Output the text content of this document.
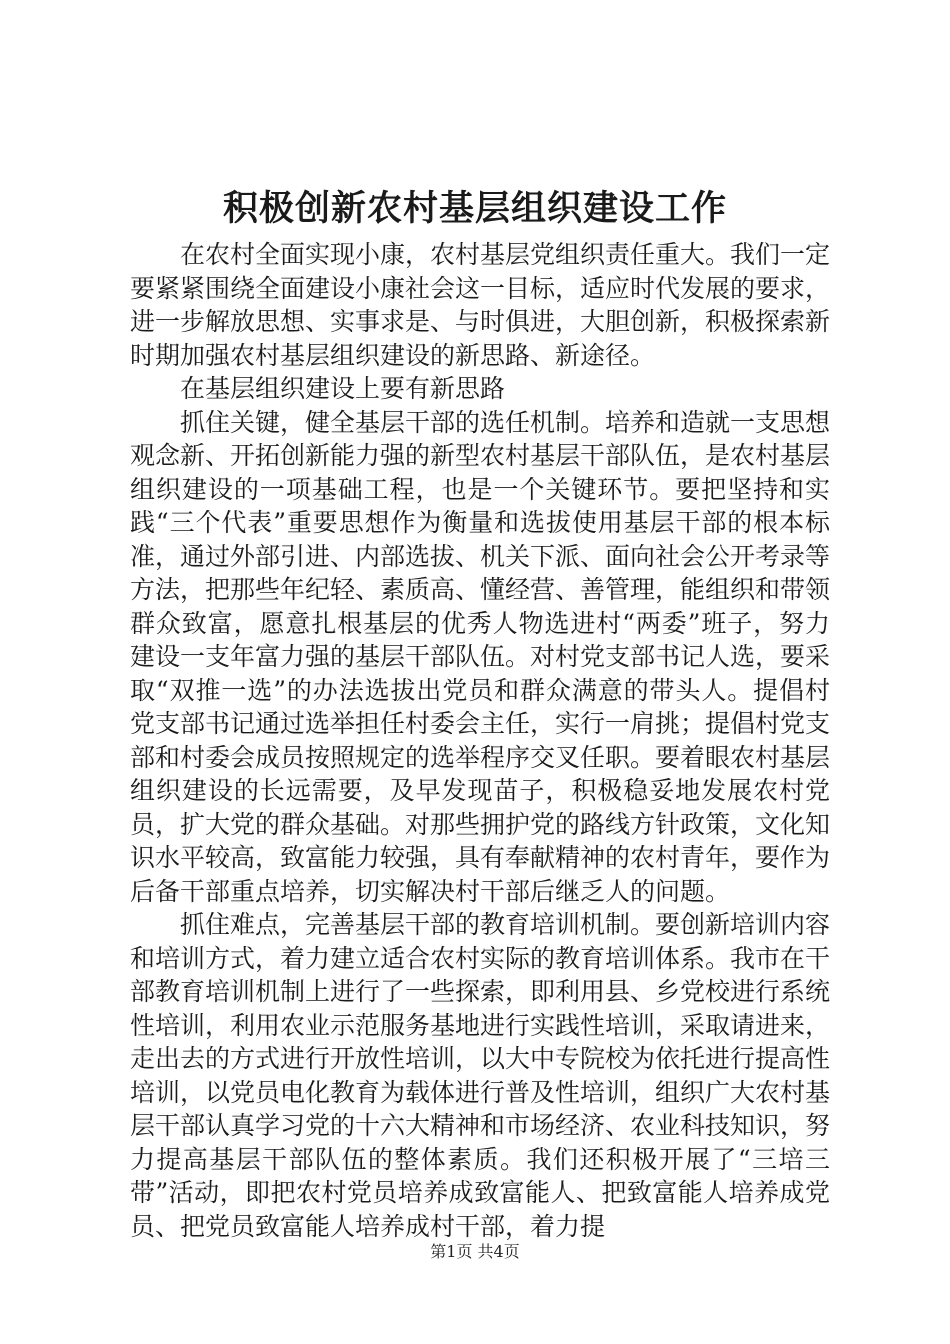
积极创新农村基层组织建设工作

在农村全面实现小康，农村基层党组织责任重大。我们一定要紧紧围绕全面建设小康社会这一目标，适应时代发展的要求，进一步解放思想、实事求是、与时俱进，大胆创新，积极探索新时期加强农村基层组织建设的新思路、新途径。

在基层组织建设上要有新思路

抓住关键，健全基层干部的选任机制。培养和造就一支思想观念新、开拓创新能力强的新型农村基层干部队伍，是农村基层组织建设的一项基础工程，也是一个关键环节。要把坚持和实践“三个代表”重要思想作为衡量和选拔使用基层干部的根本标准，通过外部引进、内部选拔、机关下派、面向社会公开考录等方法，把那些年纪轻、素质高、懂经营、善管理，能组织和带领群众致富，愿意扎根基层的优秀人物选进村“两委”班子，努力建设一支年富力强的基层干部队伍。对村党支部书记人选，要采取“双推一选”的办法选拔出党员和群众满意的带头人。提倡村党支部书记通过选举担任村委会主任，实行一肩挑；提倡村党支部和村委会成员按照规定的选举程序交叉任职。要着眼农村基层组织建设的长远需要，及早发现苗子，积极稳妥地发展农村党员，扩大党的群众基础。对那些拥护党的路线方针政策，文化知识水平较高，致富能力较强，具有奉献精神的农村青年，要作为后备干部重点培养，切实解决村干部后继乏人的问题。

抓住难点，完善基层干部的教育培训机制。要创新培训内容和培训方式，着力建立适合农村实际的教育培训体系。我市在干部教育培训机制上进行了一些探索，即利用县、乡党校进行系统性培训，利用农业示范服务基地进行实践性培训，采取请进来，走出去的方式进行开放性培训，以大中专院校为依托进行提高性培训，以党员电化教育为载体进行普及性培训，组织广大农村基层干部认真学习党的十六大精神和市场经济、农业科技知识，努力提高基层干部队伍的整体素质。我们还积极开展了“三培三带”活动，即把农村党员培养成致富能人、把致富能人培养成党员、把党员致富能人培养成村干部，着力提

第1页 共4页
